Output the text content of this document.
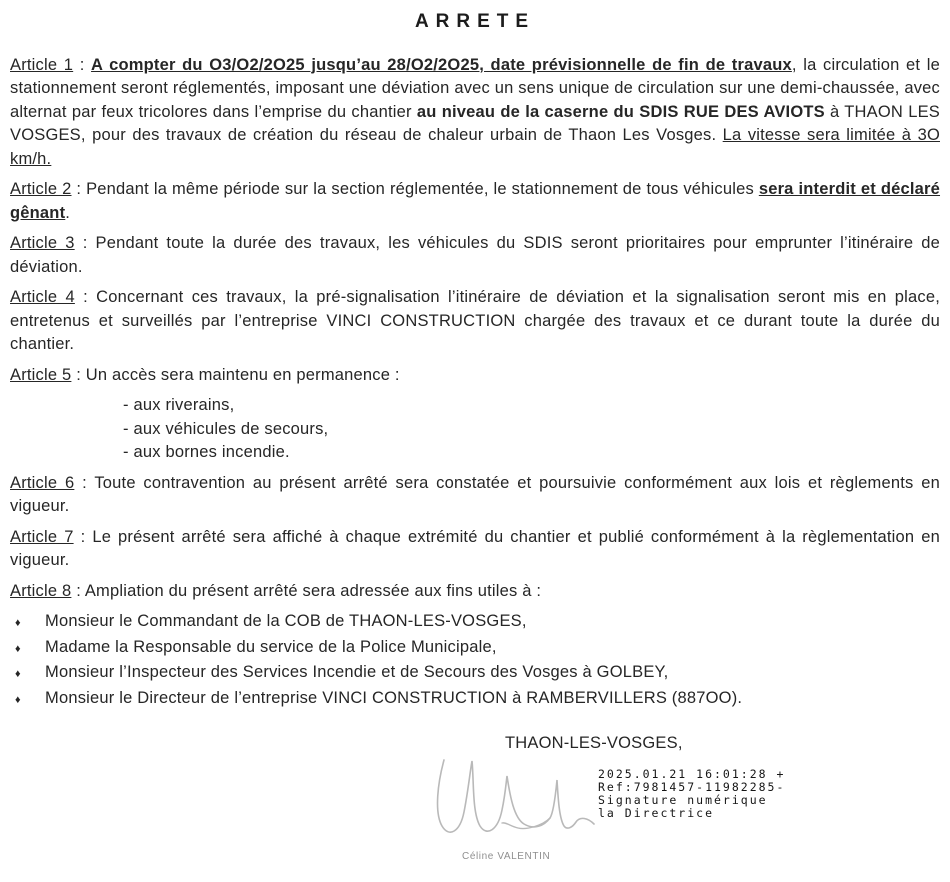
ARRETE

Article 1 : A compter du O3/O2/2O25 jusqu’au 28/O2/2O25, date prévisionnelle de fin de travaux, la circulation et le stationnement seront réglementés, imposant une déviation avec un sens unique de circulation sur une demi-chaussée, avec alternat par feux tricolores dans l’emprise du chantier au niveau de la caserne du SDIS RUE DES AVIOTS à THAON LES VOSGES, pour des travaux de création du réseau de chaleur urbain de Thaon Les Vosges. La vitesse sera limitée à 3O km/h.

Article 2 : Pendant la même période sur la section réglementée, le stationnement de tous véhicules sera interdit et déclaré gênant.

Article 3 : Pendant toute la durée des travaux, les véhicules du SDIS seront prioritaires pour emprunter l’itinéraire de déviation.

Article 4 : Concernant ces travaux, la pré-signalisation l’itinéraire de déviation et la signalisation seront mis en place, entretenus et surveillés par l’entreprise VINCI CONSTRUCTION chargée des travaux et ce durant toute la durée du chantier.

Article 5 : Un accès sera maintenu en permanence :

- aux riverains,
- aux véhicules de secours,
- aux bornes incendie.

Article 6 : Toute contravention au présent arrêté sera constatée et poursuivie conformément aux lois et règlements en vigueur.

Article 7 : Le présent arrêté sera affiché à chaque extrémité du chantier et publié conformément à la règlementation en vigueur.

Article 8 : Ampliation du présent arrêté sera adressée aux fins utiles à :

♦	Monsieur le Commandant de la COB de THAON-LES-VOSGES,
♦	Madame la Responsable du service de la Police Municipale,
♦	Monsieur l’Inspecteur des Services Incendie et de Secours des Vosges à GOLBEY,
♦	Monsieur le Directeur de l’entreprise VINCI CONSTRUCTION à RAMBERVILLERS (887OO).
THAON-LES-VOSGES,
Céline VALENTIN
2025.01.21 16:01:28 +
Ref:7981457-11982285-
Signature numérique
la Directrice
